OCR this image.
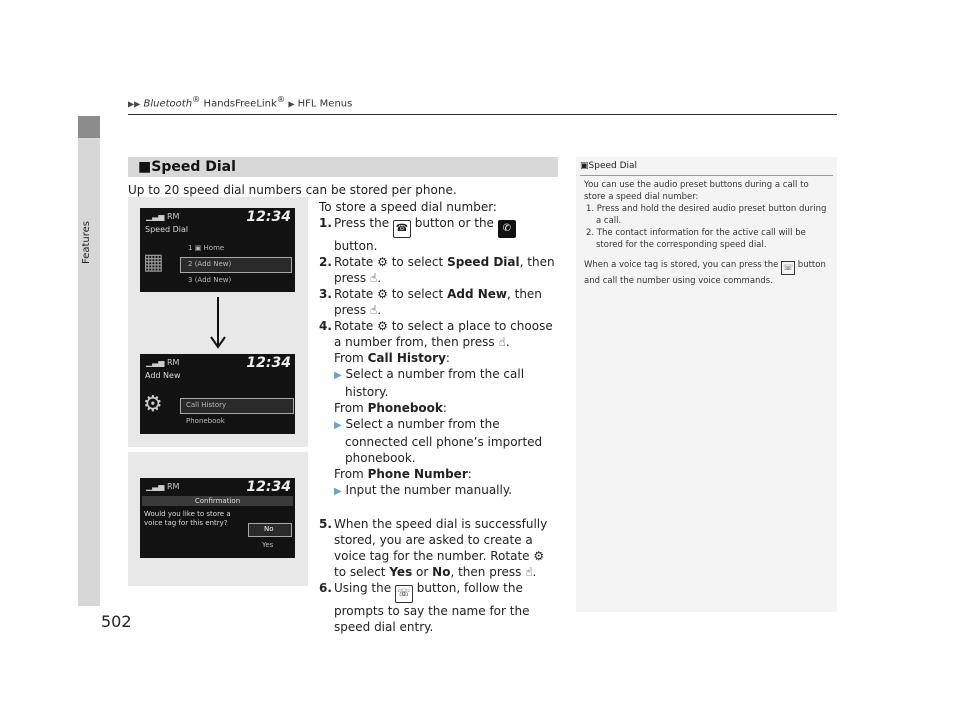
▶▶ Bluetooth® HandsFreeLink® ▶ HFL Menus
Features
502
■Speed Dial
Up to 20 speed dial numbers can be stored per phone.
To store a speed dial number:
1. Press the ☎ button or the ✆ button.
2. Rotate ⚙ to select Speed Dial, then press ☝.
3. Rotate ⚙ to select Add New, then press ☝.
4. Rotate ⚙ to select a place to choose a number from, then press ☝.
From Call History:
▶ Select a number from the call history.
From Phonebook:
▶ Select a number from the connected cell phone’s imported phonebook.
From Phone Number:
▶ Input the number manually.
5. When the speed dial is successfully stored, you are asked to create a voice tag for the number. Rotate ⚙ to select Yes or No, then press ☝.
6. Using the ☏ button, follow the prompts to say the name for the speed dial entry.
▁▃▅ RM	12:34
Speed Dial
▦
1 ▣ Home
2 (Add New)
3 (Add New)
▁▃▅ RM	12:34
Add New
⚙	Call History
Phonebook
▁▃▅ RM	12:34
Confirmation
Would you like to store a voice tag for this entry?
No
Yes
▣Speed Dial
You can use the audio preset buttons during a call to store a speed dial number:
1. Press and hold the desired audio preset button during a call.
2. The contact information for the active call will be stored for the corresponding speed dial.
When a voice tag is stored, you can press the ☏ button and call the number using voice commands.
